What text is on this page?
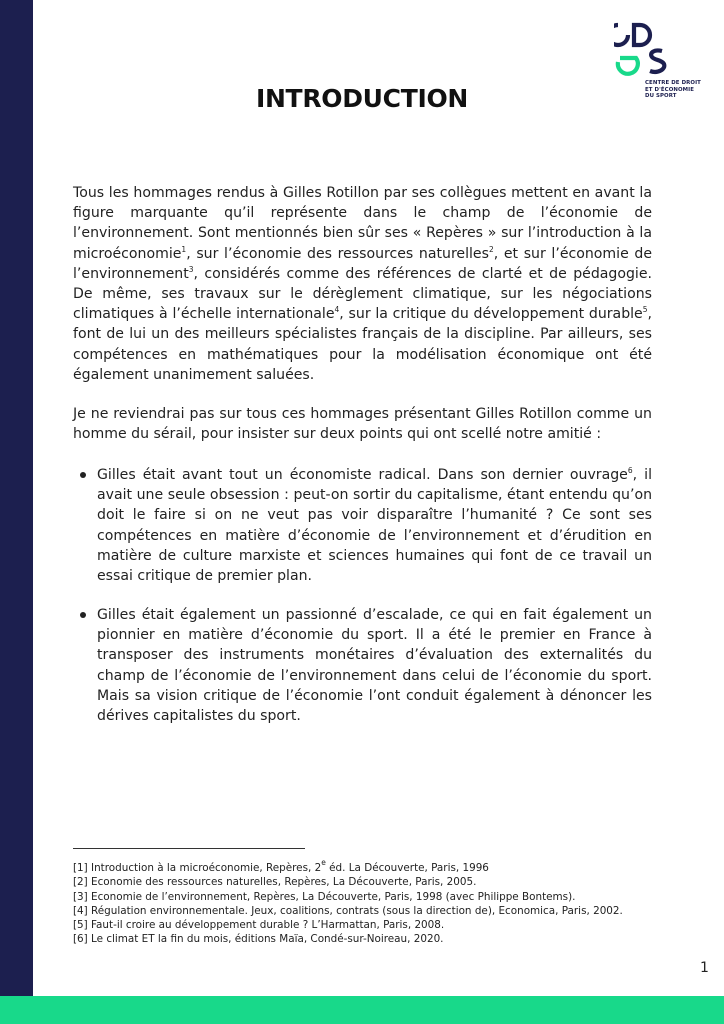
CENTRE DE DROIT
ET D'ÉCONOMIE
DU SPORT
INTRODUCTION

Tous les hommages rendus à Gilles Rotillon par ses collègues mettent en avant la figure marquante qu’il représente dans le champ de l’économie de l’environnement. Sont mentionnés bien sûr ses « Repères » sur l’introduction à la microéconomie$^1$, sur l’économie des ressources naturelles$^2$, et sur l’économie de l’environnement$^3$, considérés comme des références de clarté et de pédagogie. De même, ses travaux sur le dérèglement climatique, sur les négociations climatiques à l’échelle internationale$^4$, sur la critique du développement durable$^5$, font de lui un des meilleurs spécialistes français de la discipline. Par ailleurs, ses compétences en mathématiques pour la modélisation économique ont été également unanimement saluées.

Je ne reviendrai pas sur tous ces hommages présentant Gilles Rotillon comme un homme du sérail, pour insister sur deux points qui ont scellé notre amitié :

Gilles était avant tout un économiste radical. Dans son dernier ouvrage$^6$, il avait une seule obsession : peut-on sortir du capitalisme, étant entendu qu’on doit le faire si on ne veut pas voir disparaître l’humanité ? Ce sont ses compétences en matière d’économie de l’environnement et d’érudition en matière de culture marxiste et sciences humaines qui font de ce travail un essai critique de premier plan.
Gilles était également un passionné d’escalade, ce qui en fait également un pionnier en matière d’économie du sport. Il a été le premier en France à transposer des instruments monétaires d’évaluation des externalités du champ de l’économie de l’environnement dans celui de l’économie du sport. Mais sa vision critique de l’économie l’ont conduit également à dénoncer les dérives capitalistes du sport.
[1] Introduction à la microéconomie, Repères, 2e éd. La Découverte, Paris, 1996
[2] Economie des ressources naturelles, Repères, La Découverte, Paris, 2005.
[3] Economie de l’environnement, Repères, La Découverte, Paris, 1998 (avec Philippe Bontems).
[4] Régulation environnementale. Jeux, coalitions, contrats (sous la direction de), Economica, Paris, 2002.
[5] Faut-il croire au développement durable ? L’Harmattan, Paris, 2008.
[6] Le climat ET la fin du mois, éditions Maïa, Condé-sur-Noireau, 2020.
1
